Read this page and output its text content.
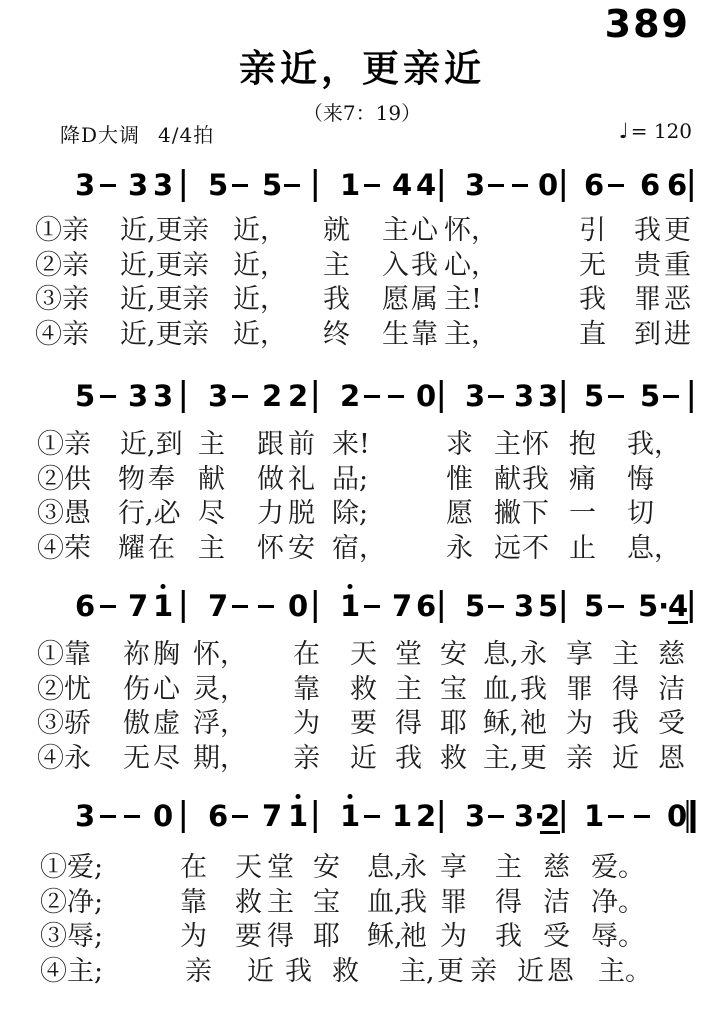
389
亲近，更亲近
（来7：19）
降D大调 4/4拍	♩ = 120
3 3 3 5 5 1 4 4 3 0 6 6 6
①亲 近,更 亲 近， 就 主 心 怀，	引 我 更
②亲 近,更 亲 近， 主 入 我 心，	无 贵 重
③亲 近,更 亲 近， 我 愿 属 主!	我 罪 恶
④亲 近,更 亲 近， 终 生 靠 主，	直 到 进
5 3 3 3 2 2 2 0 3 3 3 5 5
①亲 近,到 主 跟 前 来!	求 主 怀 抱 我，
②供 物 奉 献 做 礼 品;	惟 献 我 痛 悔
③愚 行,必 尽 力 脱 除;	愿 撇 下 一 切
④荣 耀 在 主 怀 安 宿， 永 远 不 止 息，
6 7 1 7 0 1 7 6 5 3 5 5 5·
4
①靠 祢 胸 怀， 在 天 堂 安 息, 永 享 主 慈
②忧 伤 心 灵， 靠 救 主 宝 血, 我 罪 得 洁
③骄 傲 虚 浮， 为 要 得 耶 稣, 祂 为 我 受
④永 无 尽 期， 亲 近 我 救 主, 更 亲 近 恩
3 0 6 7 1 1 1 2 3 3·
2 1 0
①爱;	在 天 堂 安 息,
永 享 主 慈 爱。
②净;	靠 救 主 宝 血,
我 罪 得 洁 净。
③辱;	为 要 得 耶 稣,
祂 为 我 受 辱。
④主;	亲 近 我 救 主, 更 亲 近 恩 主。
